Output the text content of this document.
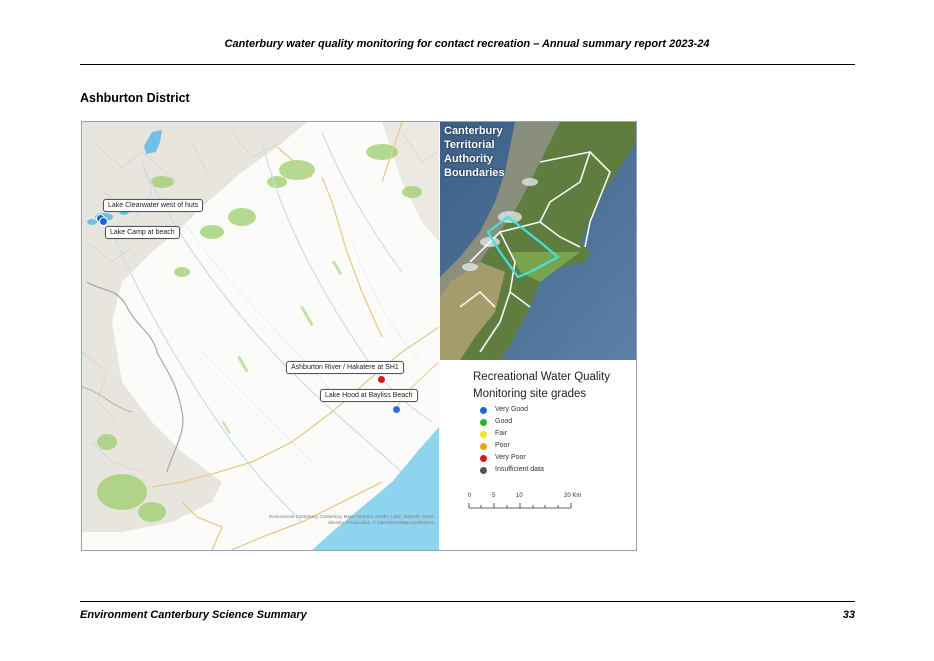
Canterbury water quality monitoring for contact recreation – Annual summary report 2023-24
Ashburton District
Lake Clearwater west of huts
Lake Camp at beach
Ashburton River / Hakatere at SH1
Lake Hood at Bayliss Beach
Environment Canterbury, Canterbury Maps Partners, DPMC, LINZ, StatsNZ, NIWA, Ministry of Education, © OpenStreetMap contributors.
Canterbury
Territorial
Authority
Boundaries
Recreational Water Quality
Monitoring site grades
Very Good
Good
Fair
Poor
Very Poor
Insufficient data
0	5	10	20 Km
Environment Canterbury Science Summary	33
